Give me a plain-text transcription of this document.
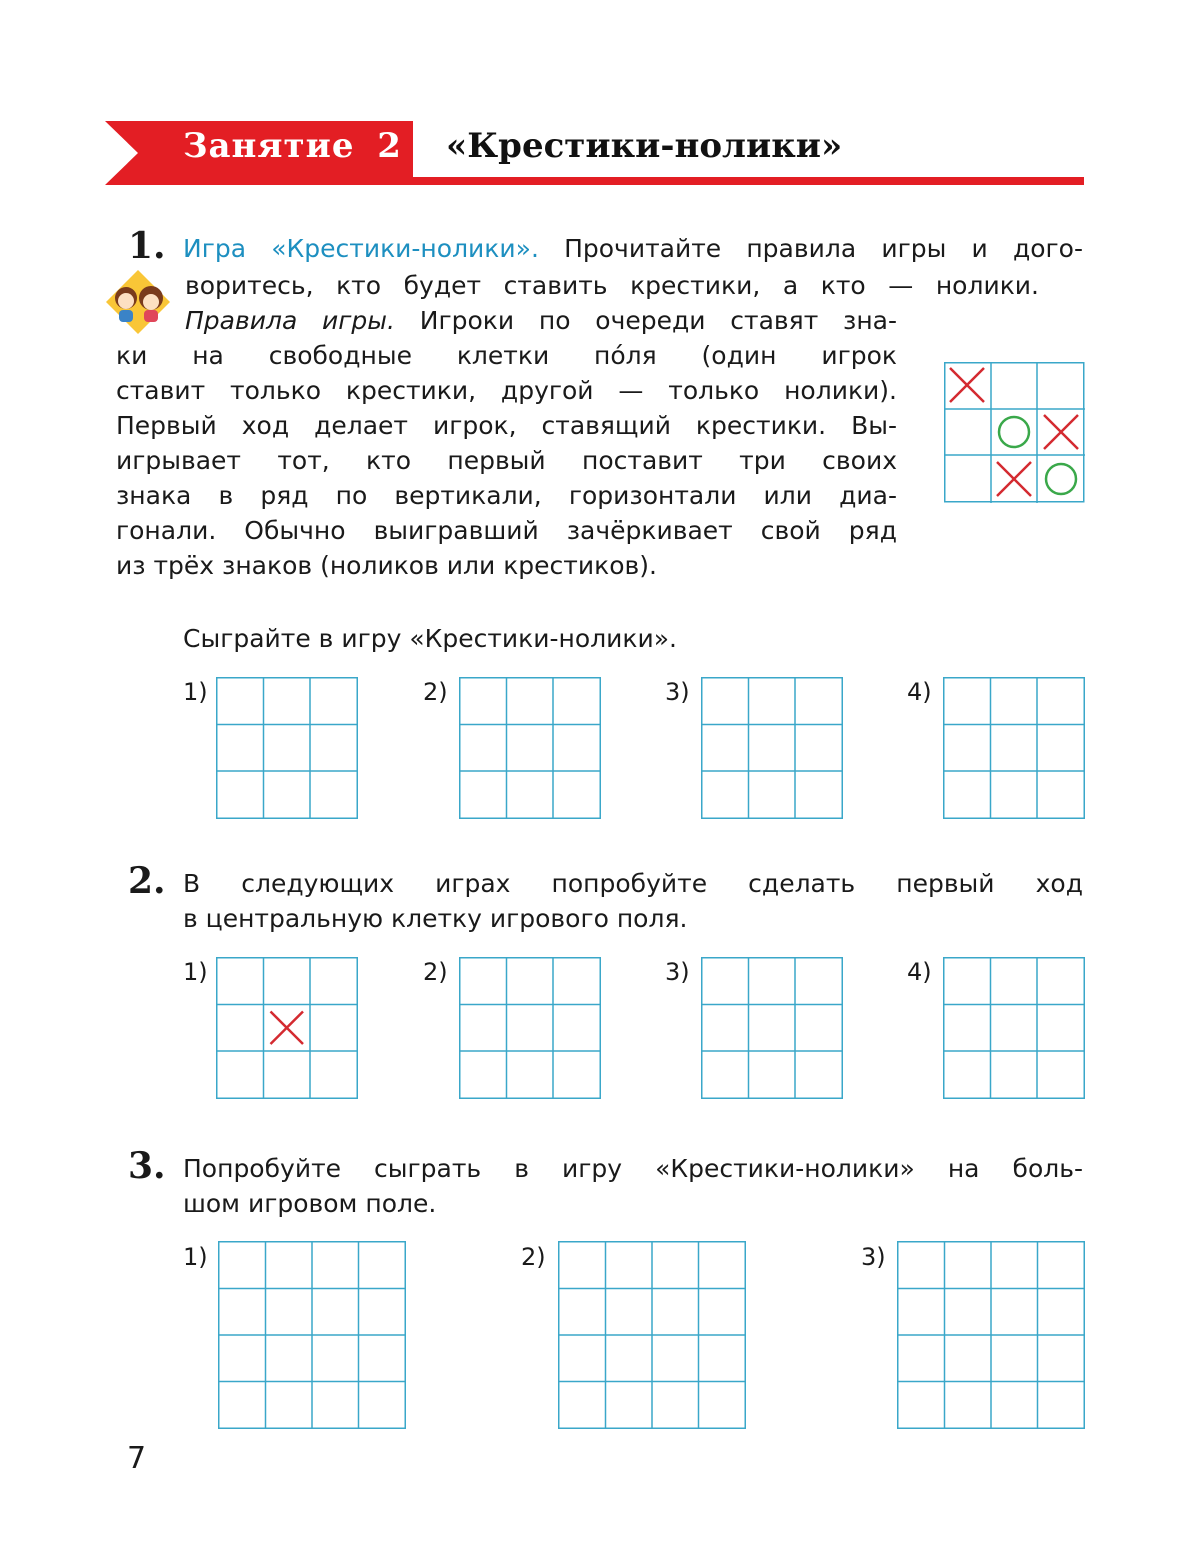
Занятие 2 «Крестики-нолики»
1. Игра «Крестики-нолики». Прочитайте правила игры и дого-
воритесь, кто будет ставить крестики, а кто — нолики.
Правила игры. Игроки по очереди ставят зна-
ки на свободные клетки по́ля (один игрок
ставит только крестики, другой — только нолики).
Первый ход делает игрок, ставящий крестики. Вы-
игрывает тот, кто первый поставит три своих
знака в ряд по вертикали, горизонтали или диа-
гонали. Обычно выигравший зачёркивает свой ряд
из трёх знаков (ноликов или крестиков).
Сыграйте в игру «Крестики-нолики».
1)	2)	3)	4)
2. В следующих играх попробуйте сделать первый ход
в центральную клетку игрового поля.
1)	2)	3)	4)
3. Попробуйте сыграть в игру «Крестики-нолики» на боль-
шом игровом поле.
1)	2)	3)
7
